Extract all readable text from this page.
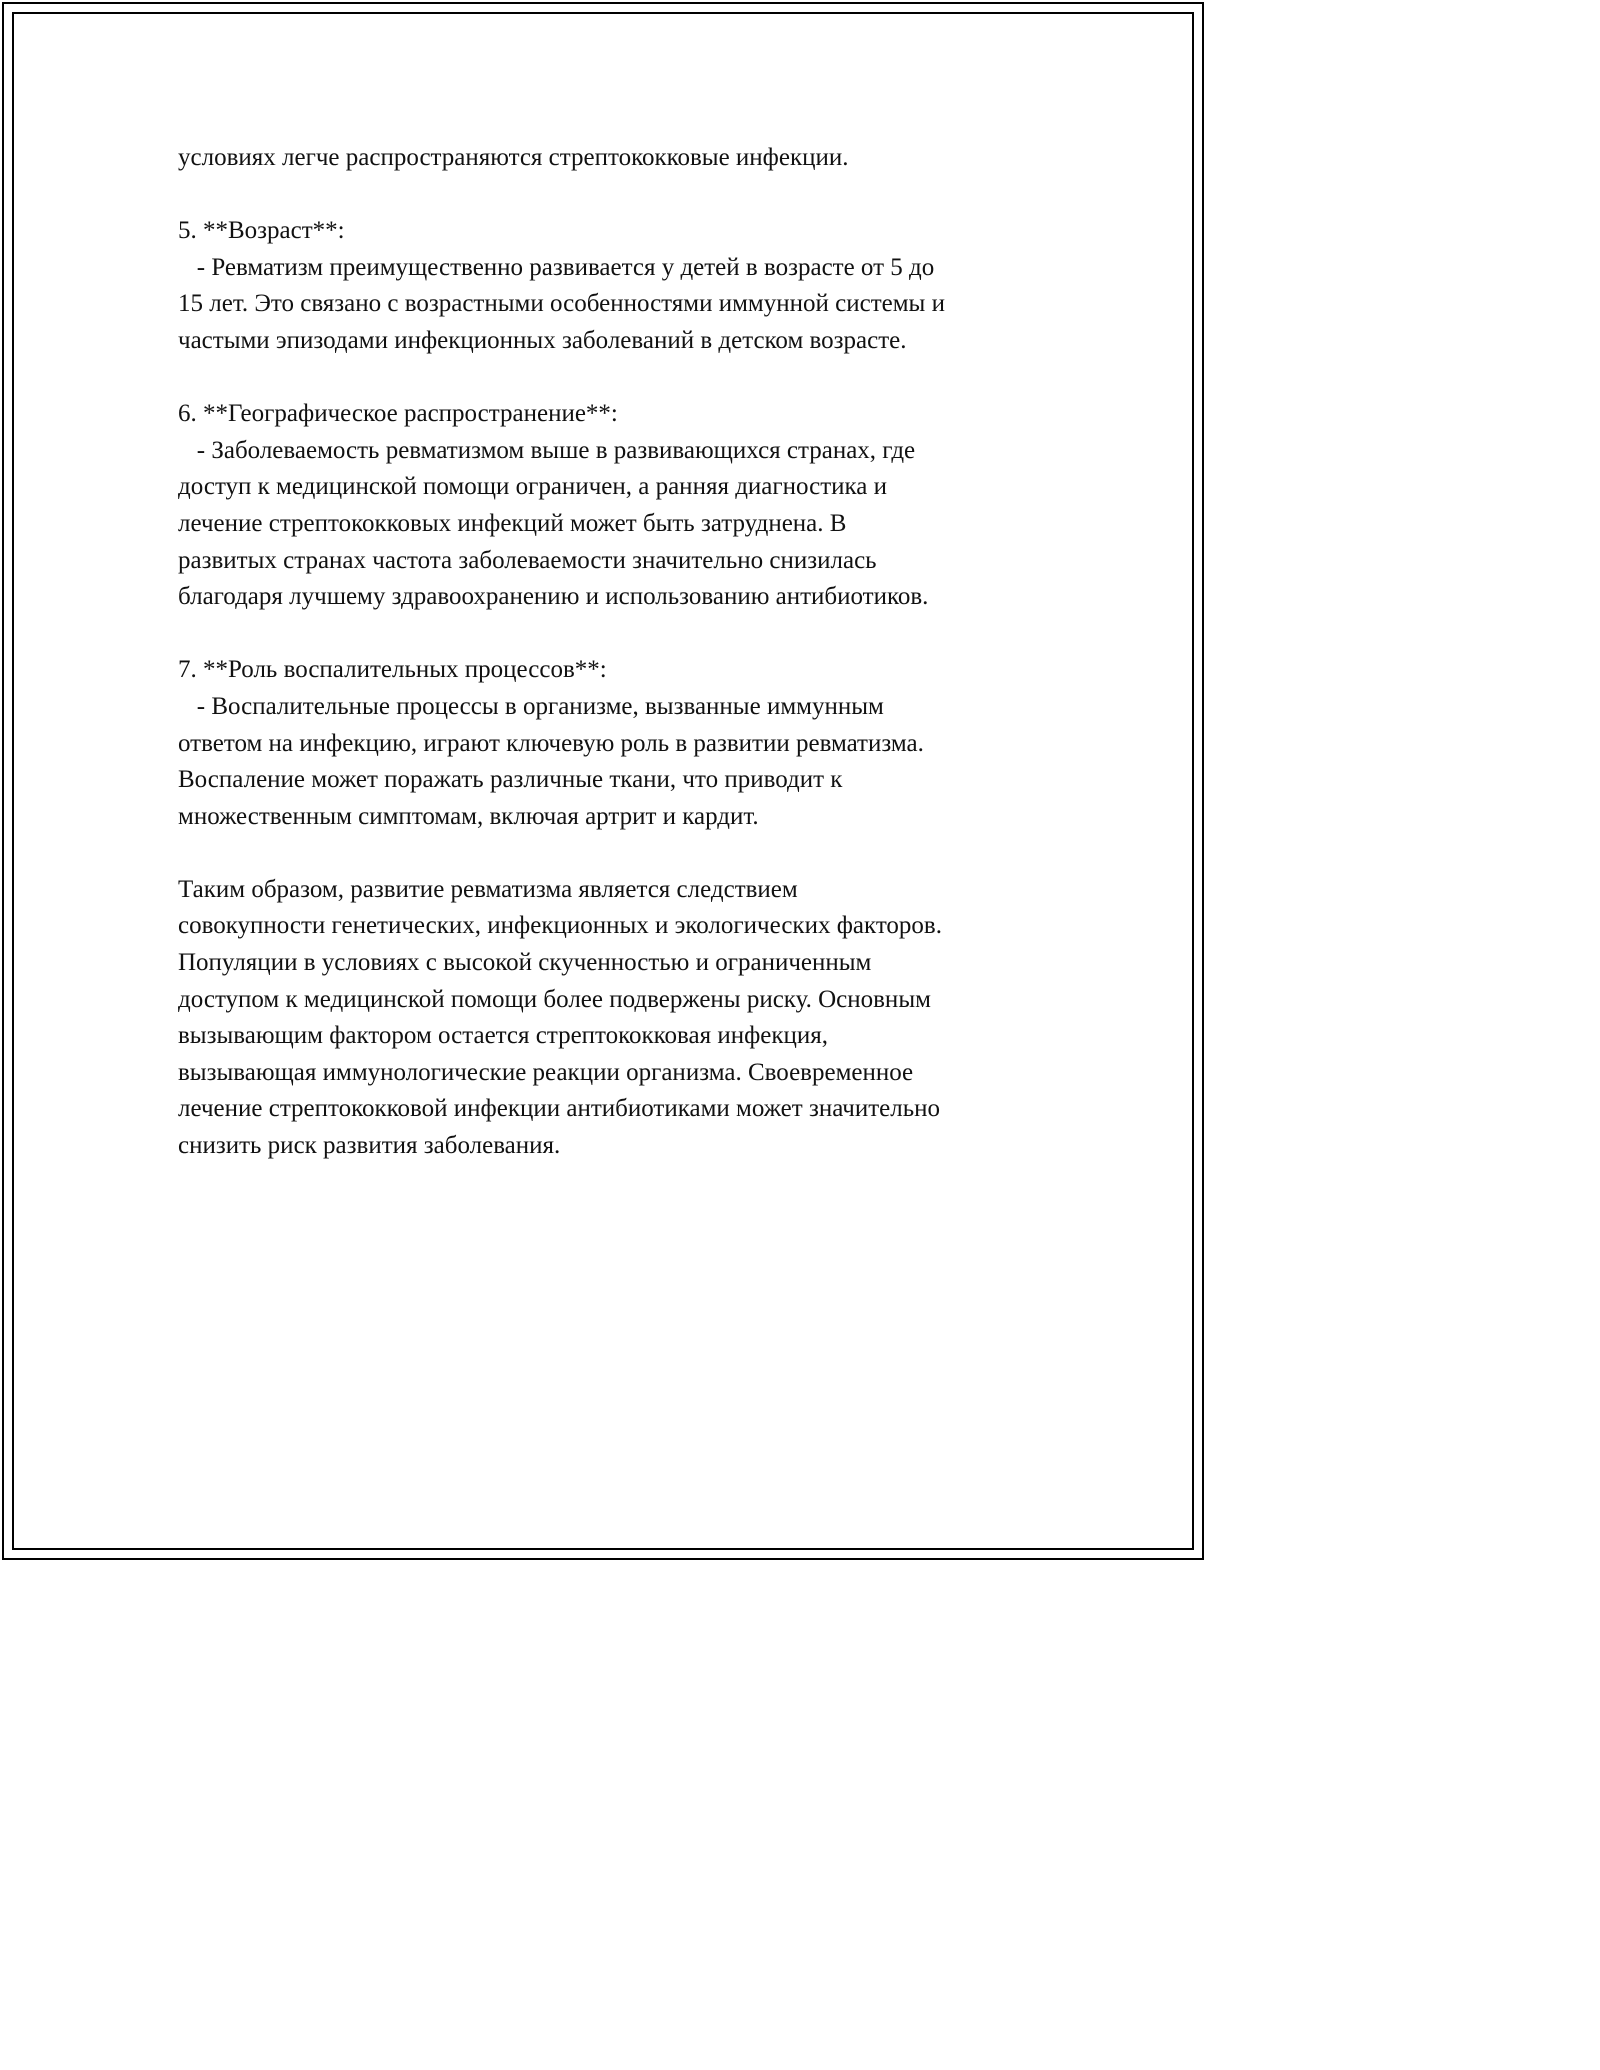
условиях легче распространяются стрептококковые инфекции.
5. **Возраст**:
- Ревматизм преимущественно развивается у детей в возрасте от 5 до
15 лет. Это связано с возрастными особенностями иммунной системы и
частыми эпизодами инфекционных заболеваний в детском возрасте.
6. **Географическое распространение**:
- Заболеваемость ревматизмом выше в развивающихся странах, где
доступ к медицинской помощи ограничен, а ранняя диагностика и
лечение стрептококковых инфекций может быть затруднена. В
развитых странах частота заболеваемости значительно снизилась
благодаря лучшему здравоохранению и использованию антибиотиков.
7. **Роль воспалительных процессов**:
- Воспалительные процессы в организме, вызванные иммунным
ответом на инфекцию, играют ключевую роль в развитии ревматизма.
Воспаление может поражать различные ткани, что приводит к
множественным симптомам, включая артрит и кардит.
Таким образом, развитие ревматизма является следствием
совокупности генетических, инфекционных и экологических факторов.
Популяции в условиях с высокой скученностью и ограниченным
доступом к медицинской помощи более подвержены риску. Основным
вызывающим фактором остается стрептококковая инфекция,
вызывающая иммунологические реакции организма. Своевременное
лечение стрептококковой инфекции антибиотиками может значительно
снизить риск развития заболевания.
